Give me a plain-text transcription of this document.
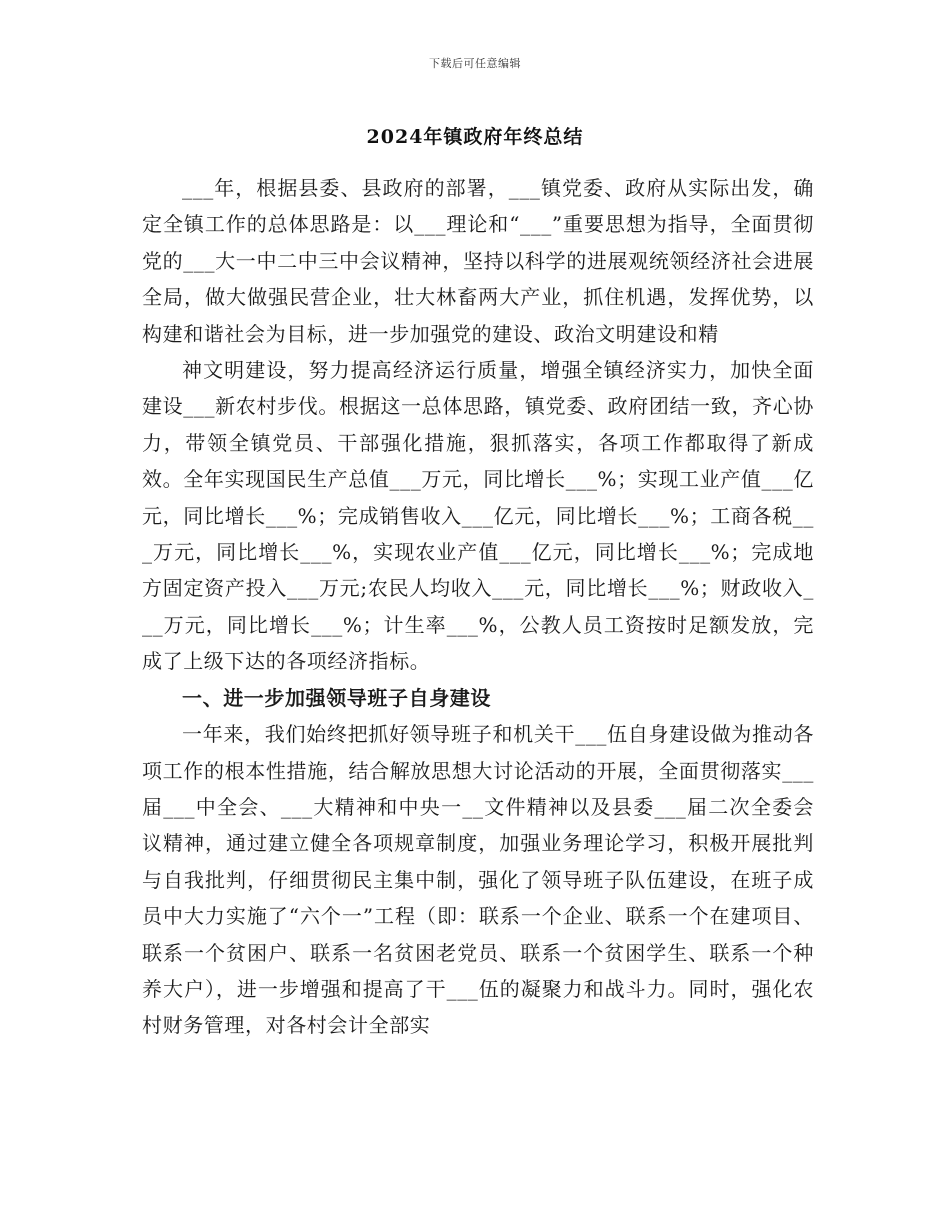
下载后可任意编辑
2024年镇政府年终总结

___年，根据县委、县政府的部署，___镇党委、政府从实际出发，确定全镇工作的总体思路是：以___理论和“___”重要思想为指导，全面贯彻党的___大一中二中三中会议精神，坚持以科学的进展观统领经济社会进展全局，做大做强民营企业，壮大林畜两大产业，抓住机遇，发挥优势，以构建和谐社会为目标，进一步加强党的建设、政治文明建设和精

神文明建设，努力提高经济运行质量，增强全镇经济实力，加快全面建设___新农村步伐。根据这一总体思路，镇党委、政府团结一致，齐心协力，带领全镇党员、干部强化措施，狠抓落实，各项工作都取得了新成效。全年实现国民生产总值___万元，同比增长___%；实现工业产值___亿元，同比增长___%；完成销售收入___亿元，同比增长___%；工商各税___万元，同比增长___%，实现农业产值___亿元，同比增长___%；完成地方固定资产投入___万元;农民人均收入___元，同比增长___%；财政收入___万元，同比增长___%；计生率___%，公教人员工资按时足额发放，完成了上级下达的各项经济指标。

一、进一步加强领导班子自身建设

一年来，我们始终把抓好领导班子和机关干___伍自身建设做为推动各项工作的根本性措施，结合解放思想大讨论活动的开展，全面贯彻落实___届___中全会、___大精神和中央一__文件精神以及县委___届二次全委会议精神，通过建立健全各项规章制度，加强业务理论学习，积极开展批判与自我批判，仔细贯彻民主集中制，强化了领导班子队伍建设，在班子成员中大力实施了“六个一”工程（即：联系一个企业、联系一个在建项目、联系一个贫困户、联系一名贫困老党员、联系一个贫困学生、联系一个种养大户），进一步增强和提高了干___伍的凝聚力和战斗力。同时，强化农村财务管理，对各村会计全部实
